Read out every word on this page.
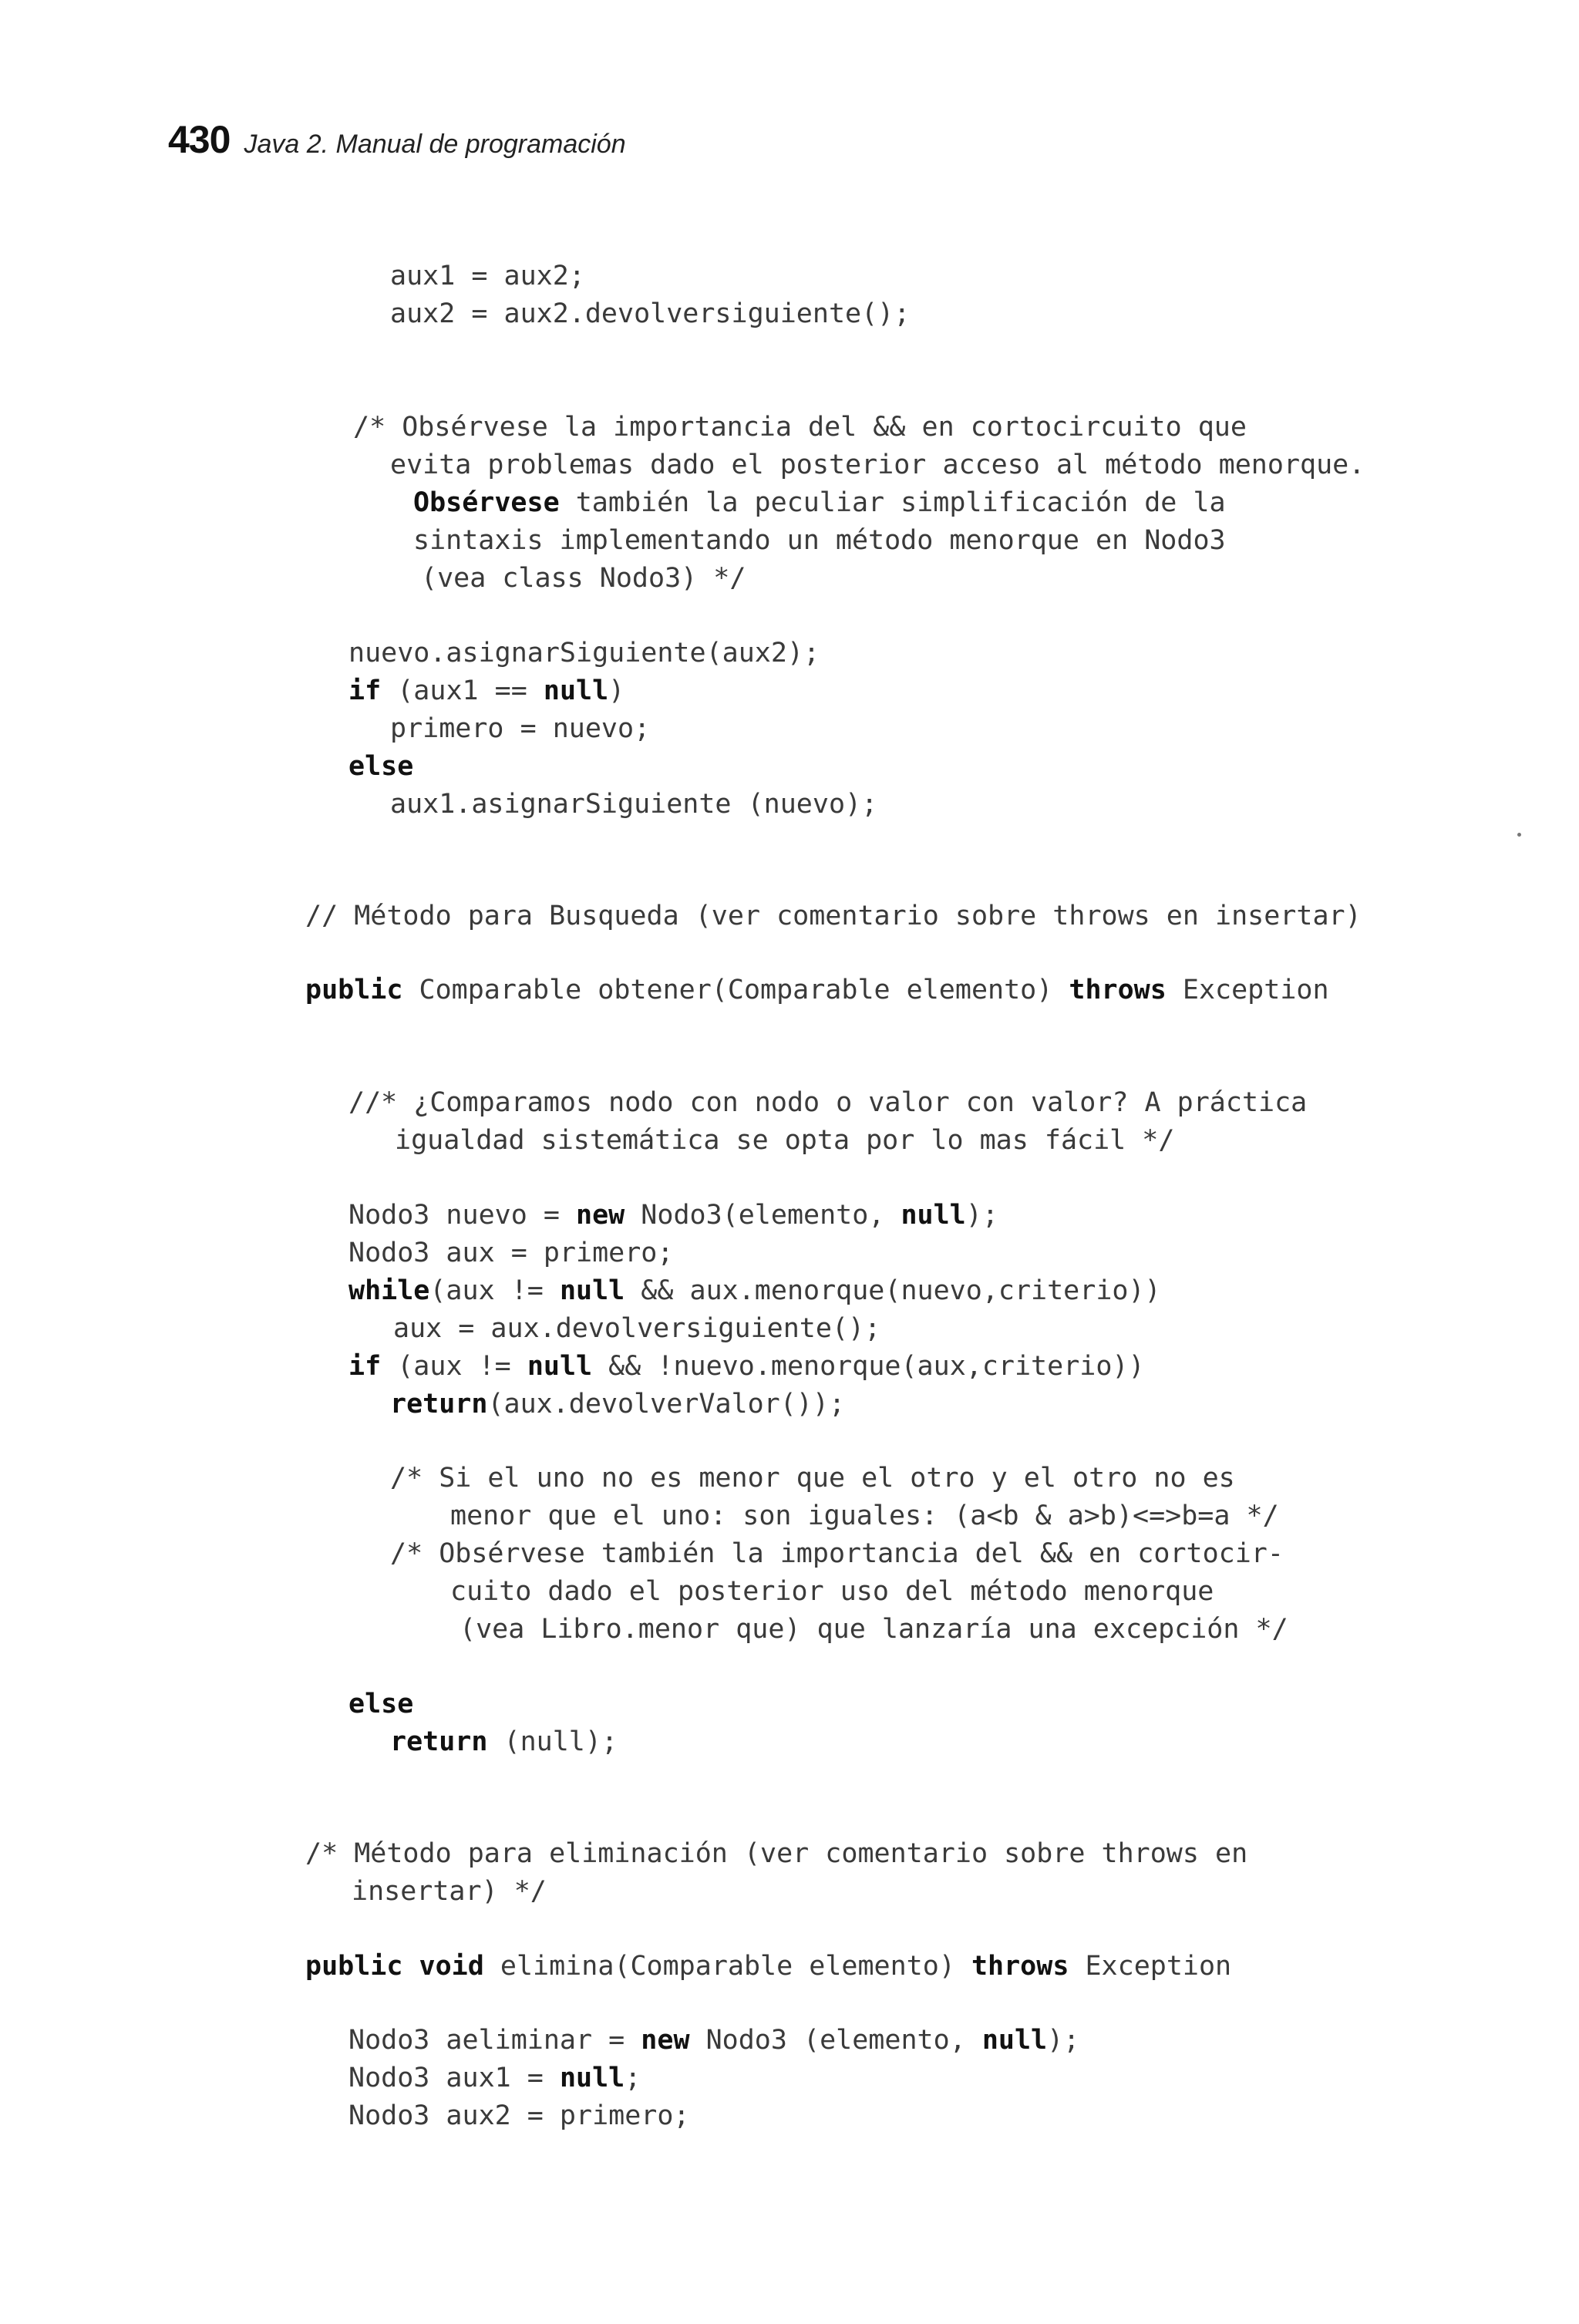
430 Java 2. Manual de programación
aux1 = aux2;
aux2 = aux2.devolversiguiente();
/* Obsérvese la importancia del && en cortocircuito que
evita problemas dado el posterior acceso al método menorque.
Obsérvese también la peculiar simplificación de la
sintaxis implementando un método menorque en Nodo3
(vea class Nodo3) */
nuevo.asignarSiguiente(aux2);
if (aux1 == null)
primero = nuevo;
else
aux1.asignarSiguiente (nuevo);
// Método para Busqueda (ver comentario sobre throws en insertar)
public Comparable obtener(Comparable elemento) throws Exception
//* ¿Comparamos nodo con nodo o valor con valor? A práctica
igualdad sistemática se opta por lo mas fácil */
Nodo3 nuevo = new Nodo3(elemento, null);
Nodo3 aux = primero;
while(aux != null && aux.menorque(nuevo,criterio))
aux = aux.devolversiguiente();
if (aux != null && !nuevo.menorque(aux,criterio))
return(aux.devolverValor());
/* Si el uno no es menor que el otro y el otro no es
menor que el uno: son iguales: (a<b & a>b)<=>b=a */
/* Obsérvese también la importancia del && en cortocir-
cuito dado el posterior uso del método menorque
(vea Libro.menor que) que lanzaría una excepción */
else
return (null);
/* Método para eliminación (ver comentario sobre throws en
insertar) */
public void elimina(Comparable elemento) throws Exception
Nodo3 aeliminar = new Nodo3 (elemento, null);
Nodo3 aux1 = null;
Nodo3 aux2 = primero;
